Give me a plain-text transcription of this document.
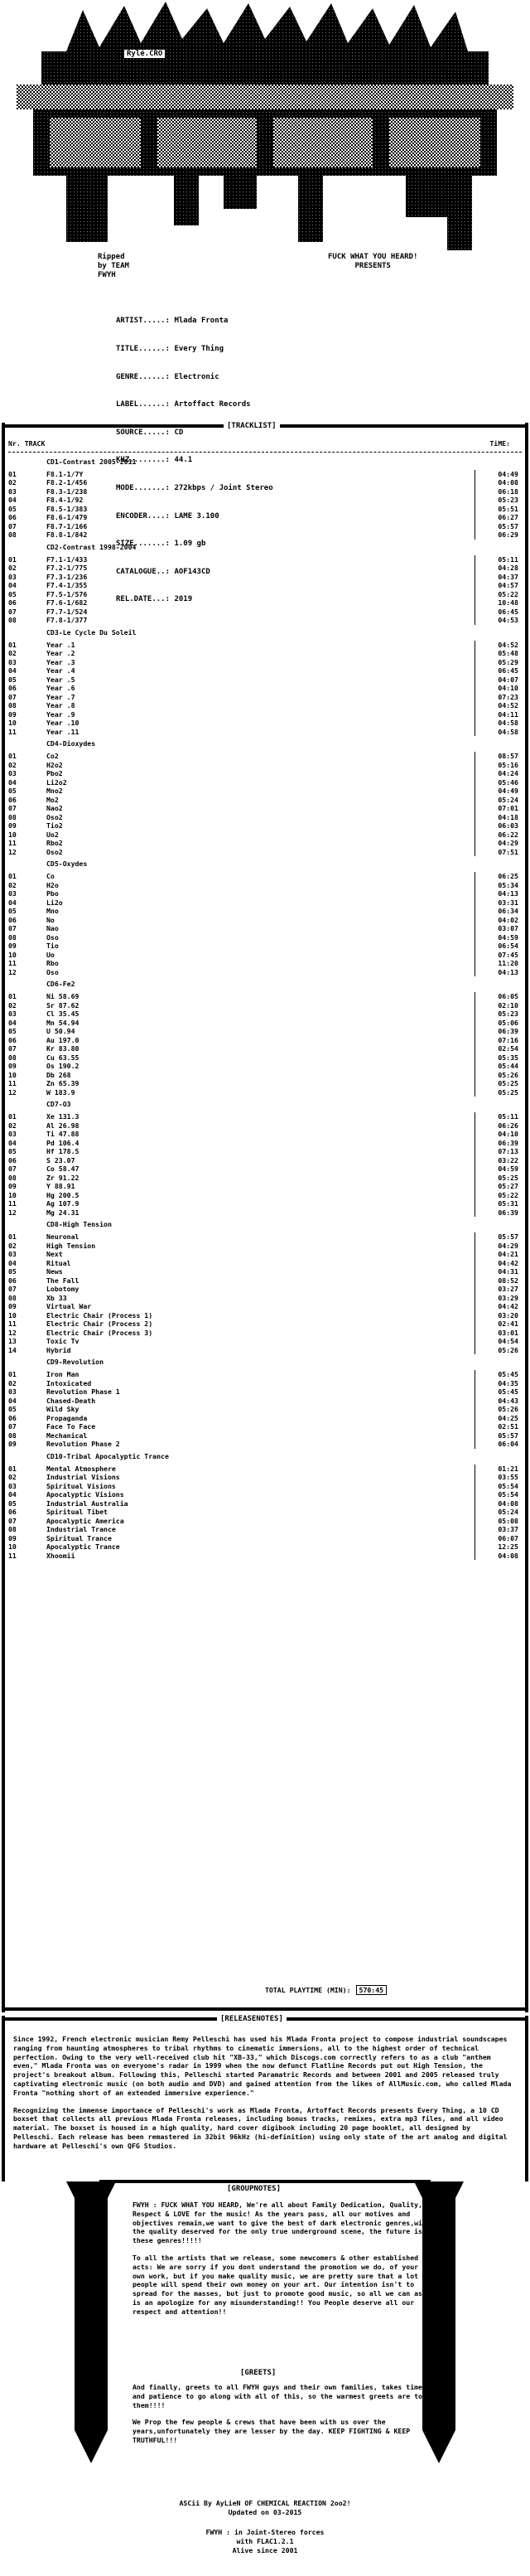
Rylé.CRO
Ripped
by TEAM
FWYH
FUCK WHAT YOU HEARD!
PRESENTS

ARTIST.....: Mlada Fronta

TITLE......: Every Thing

GENRE......: Electronic

LABEL......: Artoffact Records

SOURCE.....: CD

KHZ........: 44.1

MODE.......: 272kbps / Joint Stereo

ENCODER....: LAME 3.100

SIZE.......: 1.09 gb

CATALOGUE..: AOF143CD

REL.DATE...: 2019

[TRACKLIST]
Nr. TRACK	TiME:
CD1-Contrast 2005-2011
01	F8.1-1/7Y	04:49
02	F8.2-1/456	04:08
03	F8.3-1/238	06:18
04	F8.4-1/92	05:23
05	F8.5-1/383	05:51
06	F8.6-1/479	06:27
07	F8.7-1/166	05:57
08	F8.8-1/842	06:29
CD2-Contrast 1998-2004
01	F7.1-1/433	05:11
02	F7.2-1/775	04:28
03	F7.3-1/236	04:37
04	F7.4-1/355	04:57
05	F7.5-1/576	05:22
06	F7.6-1/682	10:48
07	F7.7-1/524	06:45
08	F7.8-1/377	04:53
CD3-Le Cycle Du Soleil
01	Year .1	04:52
02	Year .2	05:48
03	Year .3	05:29
04	Year .4	06:45
05	Year .5	04:07
06	Year .6	04:10
07	Year .7	07:23
08	Year .8	04:52
09	Year .9	04:11
10	Year .10	04:58
11	Year .11	04:58
CD4-Dioxydes
01	Co2	08:57
02	H2o2	05:16
03	Pbo2	04:24
04	Li2o2	05:46
05	Mno2	04:49
06	Mo2	05:24
07	Nao2	07:01
08	Oso2	04:18
09	Tio2	06:03
10	Uo2	06:22
11	Rbo2	04:29
12	Oso2	07:51
CD5-Oxydes
01	Co	06:25
02	H2o	05:34
03	Pbo	04:13
04	Li2o	03:31
05	Mno	06:34
06	No	04:02
07	Nao	03:07
08	Oso	04:59
09	Tio	06:54
10	Uo	07:45
11	Rbo	11:20
12	Oso	04:13
CD6-Fe2
01	Ni 58.69	06:05
02	Sr 87.62	02:10
03	Cl 35.45	05:23
04	Mn 54.94	05:06
05	U 50.94	06:39
06	Au 197.0	07:16
07	Kr 83.80	02:54
08	Cu 63.55	05:35
09	Os 190.2	05:44
10	Db 268	05:26
11	Zn 65.39	05:25
12	W 183.9	05:25
CD7-O3
01	Xe 131.3	05:11
02	Al 26.98	06:26
03	Ti 47.88	04:10
04	Pd 106.4	06:39
05	Hf 178.5	07:13
06	S 23.07	03:22
07	Co 58.47	04:59
08	Zr 91.22	05:25
09	Y 88.91	05:27
10	Hg 200.5	05:22
11	Ag 107.9	05:31
12	Mg 24.31	06:39
CD8-High Tension
01	Neuronal	05:57
02	High Tension	04:29
03	Next	04:21
04	Ritual	04:42
05	News	04:31
06	The Fall	08:52
07	Lobotomy	03:27
08	Xb 33	03:29
09	Virtual War	04:42
10	Electric Chair (Process 1)	03:20
11	Electric Chair (Process 2)	02:41
12	Electric Chair (Process 3)	03:01
13	Toxic Tv	04:54
14	Hybrid	05:26
CD9-Revolution
01	Iron Man	05:45
02	Intoxicated	04:35
03	Revolution Phase 1	05:45
04	Chased-Death	04:43
05	Wild Sky	05:26
06	Propaganda	04:25
07	Face To Face	02:51
08	Mechanical	05:57
09	Revolution Phase 2	06:04
CD10-Tribal Apocalyptic Trance
01	Mental Atmosphere	01:21
02	Industrial Visions	03:55
03	Spiritual Visions	05:54
04	Apocalyptic Visions	05:54
05	Industrial Australia	04:08
06	Spiritual Tibet	05:24
07	Apocalyptic America	05:08
08	Industrial Trance	03:37
09	Spiritual Trance	06:07
10	Apocalyptic Trance	12:25
11	Xhoomii	04:08
TOTAL PLAYTIME (MIN): 570:45
[RELEASENOTES]

Since 1992, French electronic musician Remy Pelleschi has used his Mlada Fronta project to compose industrial soundscapes ranging from haunting atmospheres to tribal rhythms to cinematic immersions, all to the highest order of technical perfection. Owing to the very well-received club hit "XB-33," which Discogs.com correctly refers to as a club "anthem even," Mlada Fronta was on everyone's radar in 1999 when the now defunct Flatline Records put out High Tension, the project's breakout album. Following this, Pelleschi started Paramatric Records and between 2001 and 2005 released truly captivating electronic music (on both audio and DVD) and gained attention from the likes of AllMusic.com, who called Mlada Fronta "nothing short of an extended immersive experience."

Recognizing the immense importance of Pelleschi's work as Mlada Fronta, Artoffact Records presents Every Thing, a 10 CD boxset that collects all previous Mlada Fronta releases, including bonus tracks, remixes, extra mp3 files, and all video material. The boxset is housed in a high quality, hard cover digibook including 20 page booklet, all designed by Pelleschi. Each release has been remastered in 32bit 96kHz (hi-definition) using only state of the art analog and digital hardware at Pelleschi's own QFG Studios.

[GROUPNOTES]

FWYH : FUCK WHAT YOU HEARD, We're all about Family Dedication, Quality, Respect & LOVE for the music! As the years pass, all our motives and objectives remain,we want to give the best of dark electronic genres,with the quality deserved for the only true underground scene, the future is these genres!!!!!

To all the artists that we release, some newcomers & other established acts: We are sorry if you dont understand the promotion we do, of your own work, but if you make quality music, we are pretty sure that a lot of people will spend their own money on your art. Our intention isn't to spread for the masses, but just to promote good music, so all we can ask is an apologize for any misunderstanding!! You People deserve all our respect and attention!!

[GREETS]

And finally, greets to all FWYH guys and their own families, takes time and patience to go along with all of this, so the warmest greets are to them!!!!

We Prop the few people & crews that have been with us over the years,unfortunately they are lesser by the day. KEEP FIGHTING & KEEP TRUTHFUL!!!

ASCii By AyLieN OF CHEMICAL REACTION 2oo2!
Updated on 03-2015
FWYH : in Joint-Stereo forces
with FLAC1.2.1
Alive since 2001
